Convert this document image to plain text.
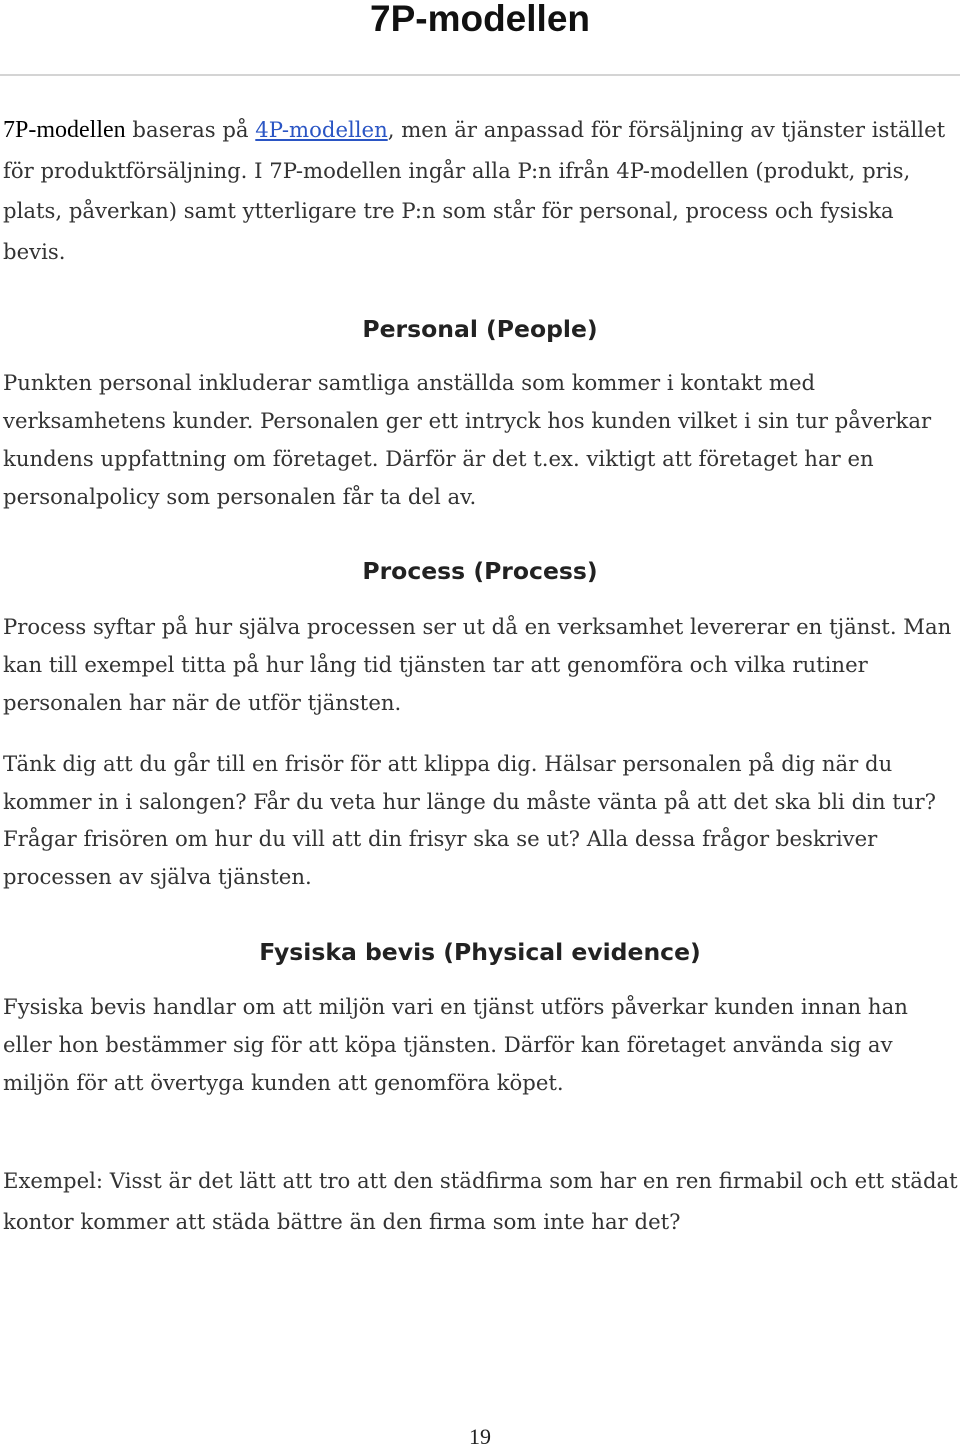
7P-modellen

7P-modellen baseras på 4P-modellen, men är anpassad för försäljning av tjänster istället för produktförsäljning. I 7P-modellen ingår alla P:n ifrån 4P-modellen (produkt, pris, plats, påverkan) samt ytterligare tre P:n som står för personal, process och fysiska bevis.

Personal (People)

Punkten personal inkluderar samtliga anställda som kommer i kontakt med verksamhetens kunder. Personalen ger ett intryck hos kunden vilket i sin tur påverkar kundens uppfattning om företaget. Därför är det t.ex. viktigt att företaget har en personalpolicy som personalen får ta del av.

Process (Process)

Process syftar på hur själva processen ser ut då en verksamhet levererar en tjänst. Man kan till exempel titta på hur lång tid tjänsten tar att genomföra och vilka rutiner personalen har när de utför tjänsten.

Tänk dig att du går till en frisör för att klippa dig. Hälsar personalen på dig när du kommer in i salongen? Får du veta hur länge du måste vänta på att det ska bli din tur? Frågar frisören om hur du vill att din frisyr ska se ut? Alla dessa frågor beskriver processen av själva tjänsten.

Fysiska bevis (Physical evidence)

Fysiska bevis handlar om att miljön vari en tjänst utförs påverkar kunden innan han eller hon bestämmer sig för att köpa tjänsten. Därför kan företaget använda sig av miljön för att övertyga kunden att genomföra köpet.

Exempel: Visst är det lätt att tro att den städfirma som har en ren firmabil och ett städat kontor kommer att städa bättre än den firma som inte har det?

19
